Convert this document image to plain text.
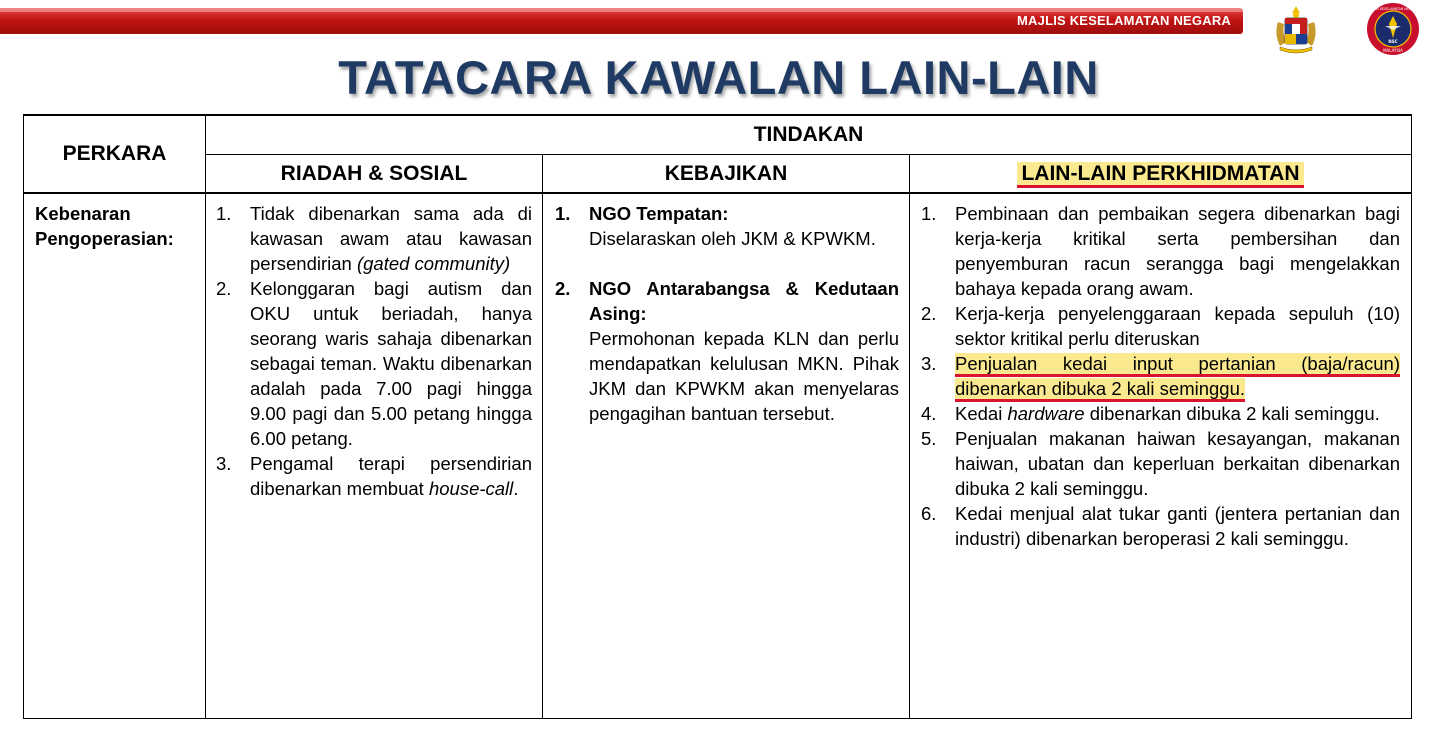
MAJLIS KESELAMATAN NEGARA
MAJLIS KESELAMATAN NEGARA
NSC
MALAYSIA
TATACARA KAWALAN LAIN-LAIN
PERKARA
TINDAKAN
RIADAH & SOSIAL	KEBAJIKAN	LAIN-LAIN PERKHIDMATAN
Kebenaran Pengoperasian:
1. Tidak dibenarkan sama ada di kawasan awam atau kawasan persendirian (gated community)
2. Kelonggaran bagi autism dan OKU untuk beriadah, hanya seorang waris sahaja dibenarkan sebagai teman. Waktu dibenarkan adalah pada 7.00 pagi hingga 9.00 pagi dan 5.00 petang hingga 6.00 petang.
3. Pengamal terapi persendirian dibenarkan membuat house-call.
1. NGO Tempatan:
Diselaraskan oleh JKM & KPWKM.
2. NGO Antarabangsa & Kedutaan Asing:
Permohonan kepada KLN dan perlu mendapatkan kelulusan MKN. Pihak JKM dan KPWKM akan menyelaras pengagihan bantuan tersebut.
1. Pembinaan dan pembaikan segera dibenarkan bagi kerja-kerja kritikal serta pembersihan dan penyemburan racun serangga bagi mengelakkan bahaya kepada orang awam.
2. Kerja-kerja penyelenggaraan kepada sepuluh (10) sektor kritikal perlu diteruskan
3. Penjualan kedai input pertanian (baja/racun) dibenarkan dibuka 2 kali seminggu.
4. Kedai hardware dibenarkan dibuka 2 kali seminggu.
5. Penjualan makanan haiwan kesayangan, makanan haiwan, ubatan dan keperluan berkaitan dibenarkan dibuka 2 kali seminggu.
6. Kedai menjual alat tukar ganti (jentera pertanian dan industri) dibenarkan beroperasi 2 kali seminggu.
